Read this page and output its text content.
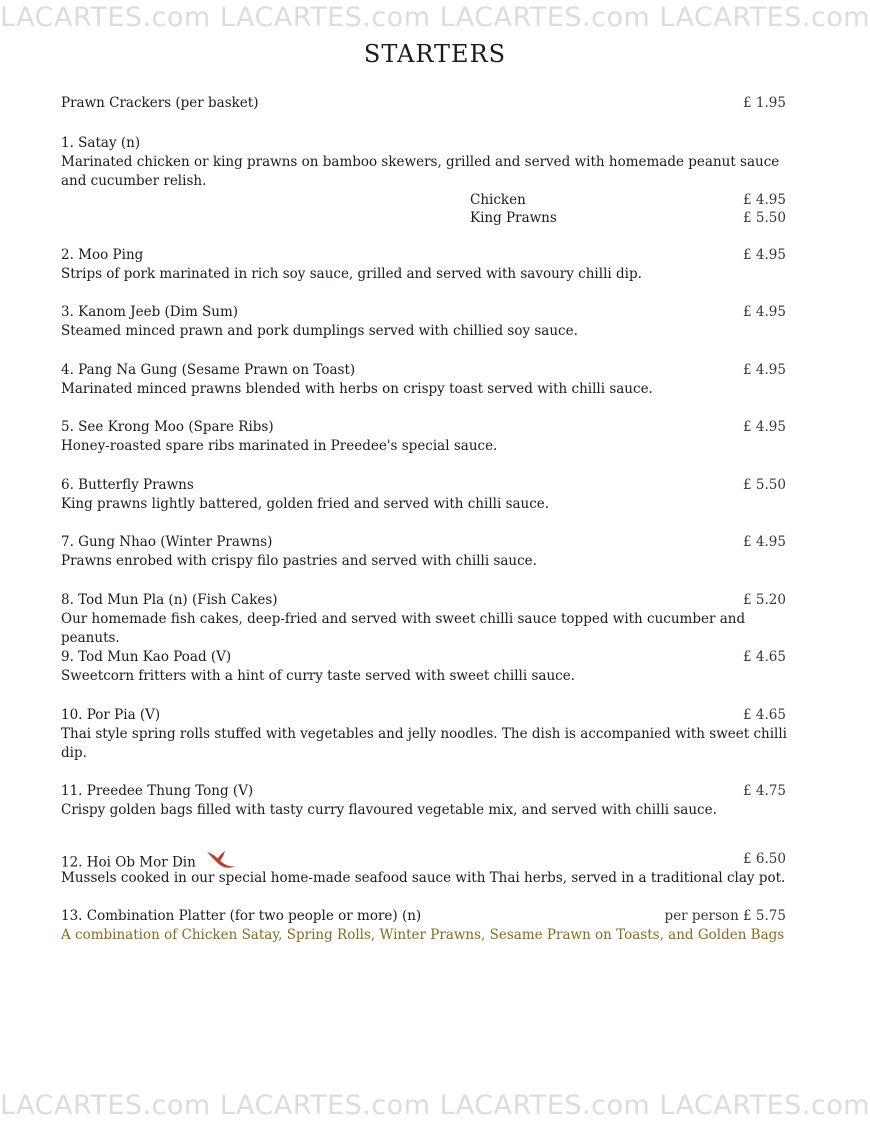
LACARTES.com LACARTES.com LACARTES.com LACARTES.com
STARTERS
Prawn Crackers (per basket)	£ 1.95
1. Satay (n)
Marinated chicken or king prawns on bamboo skewers, grilled and served with homemade peanut sauce and cucumber relish.
Chicken	£ 4.95
King Prawns	£ 5.50
2. Moo Ping	£ 4.95
Strips of pork marinated in rich soy sauce, grilled and served with savoury chilli dip.
3. Kanom Jeeb (Dim Sum)	£ 4.95
Steamed minced prawn and pork dumplings served with chillied soy sauce.
4. Pang Na Gung (Sesame Prawn on Toast)	£ 4.95
Marinated minced prawns blended with herbs on crispy toast served with chilli sauce.
5. See Krong Moo (Spare Ribs)	£ 4.95
Honey-roasted spare ribs marinated in Preedee's special sauce.
6. Butterfly Prawns	£ 5.50
King prawns lightly battered, golden fried and served with chilli sauce.
7. Gung Nhao (Winter Prawns)	£ 4.95
Prawns enrobed with crispy filo pastries and served with chilli sauce.
8. Tod Mun Pla (n) (Fish Cakes)	£ 5.20
Our homemade fish cakes, deep-fried and served with sweet chilli sauce topped with cucumber and peanuts.
9. Tod Mun Kao Poad (V)	£ 4.65
Sweetcorn fritters with a hint of curry taste served with sweet chilli sauce.
10. Por Pia (V)	£ 4.65
Thai style spring rolls stuffed with vegetables and jelly noodles. The dish is accompanied with sweet chilli dip.
11. Preedee Thung Tong (V)	£ 4.75
Crispy golden bags filled with tasty curry flavoured vegetable mix, and served with chilli sauce.
12. Hoi Ob Mor Din	£ 6.50
Mussels cooked in our special home-made seafood sauce with Thai herbs, served in a traditional clay pot.
13. Combination Platter (for two people or more) (n)	per person £ 5.75
A combination of Chicken Satay, Spring Rolls, Winter Prawns, Sesame Prawn on Toasts, and Golden Bags
LACARTES.com LACARTES.com LACARTES.com LACARTES.com
